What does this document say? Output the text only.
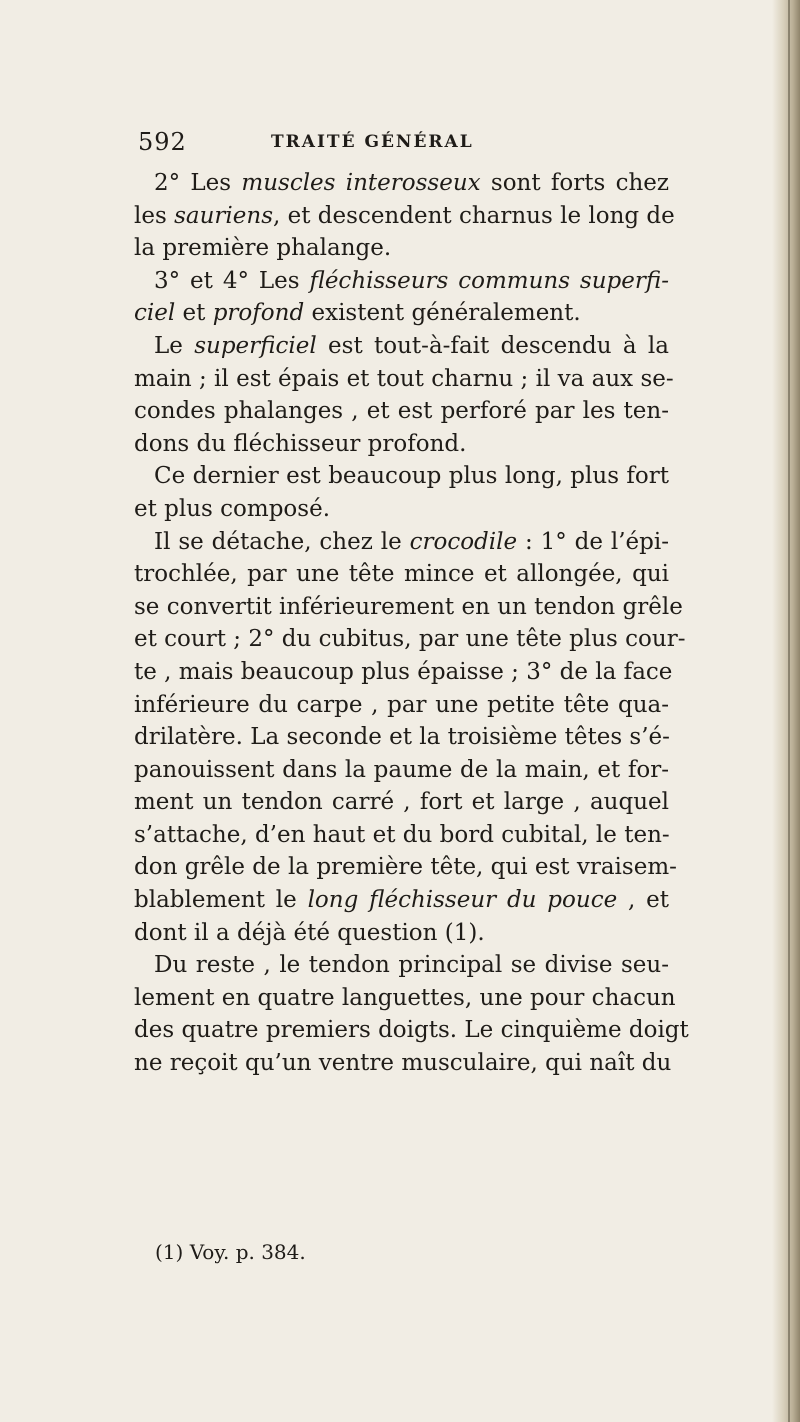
592	TRAITÉ GÉNÉRAL
2° Les muscles interosseux sont forts chez
les sauriens, et descendent charnus le long de
la première phalange.
3° et 4° Les fléchisseurs communs superfi-
ciel et profond existent généralement.
Le superficiel est tout-à-fait descendu à la
main ; il est épais et tout charnu ; il va aux se-
condes phalanges , et est perforé par les ten-
dons du fléchisseur profond.
Ce dernier est beaucoup plus long, plus fort
et plus composé.
Il se détache, chez le crocodile : 1° de l’épi-
trochlée, par une tête mince et allongée, qui
se convertit inférieurement en un tendon grêle
et court ; 2° du cubitus, par une tête plus cour-
te , mais beaucoup plus épaisse ; 3° de la face
inférieure du carpe , par une petite tête qua-
drilatère. La seconde et la troisième têtes s’é-
panouissent dans la paume de la main, et for-
ment un tendon carré , fort et large , auquel
s’attache, d’en haut et du bord cubital, le ten-
don grêle de la première tête, qui est vraisem-
blablement le long fléchisseur du pouce , et
dont il a déjà été question (1).
Du reste , le tendon principal se divise seu-
lement en quatre languettes, une pour chacun
des quatre premiers doigts. Le cinquième doigt
ne reçoit qu’un ventre musculaire, qui naît du
(1) Voy. p. 384.
